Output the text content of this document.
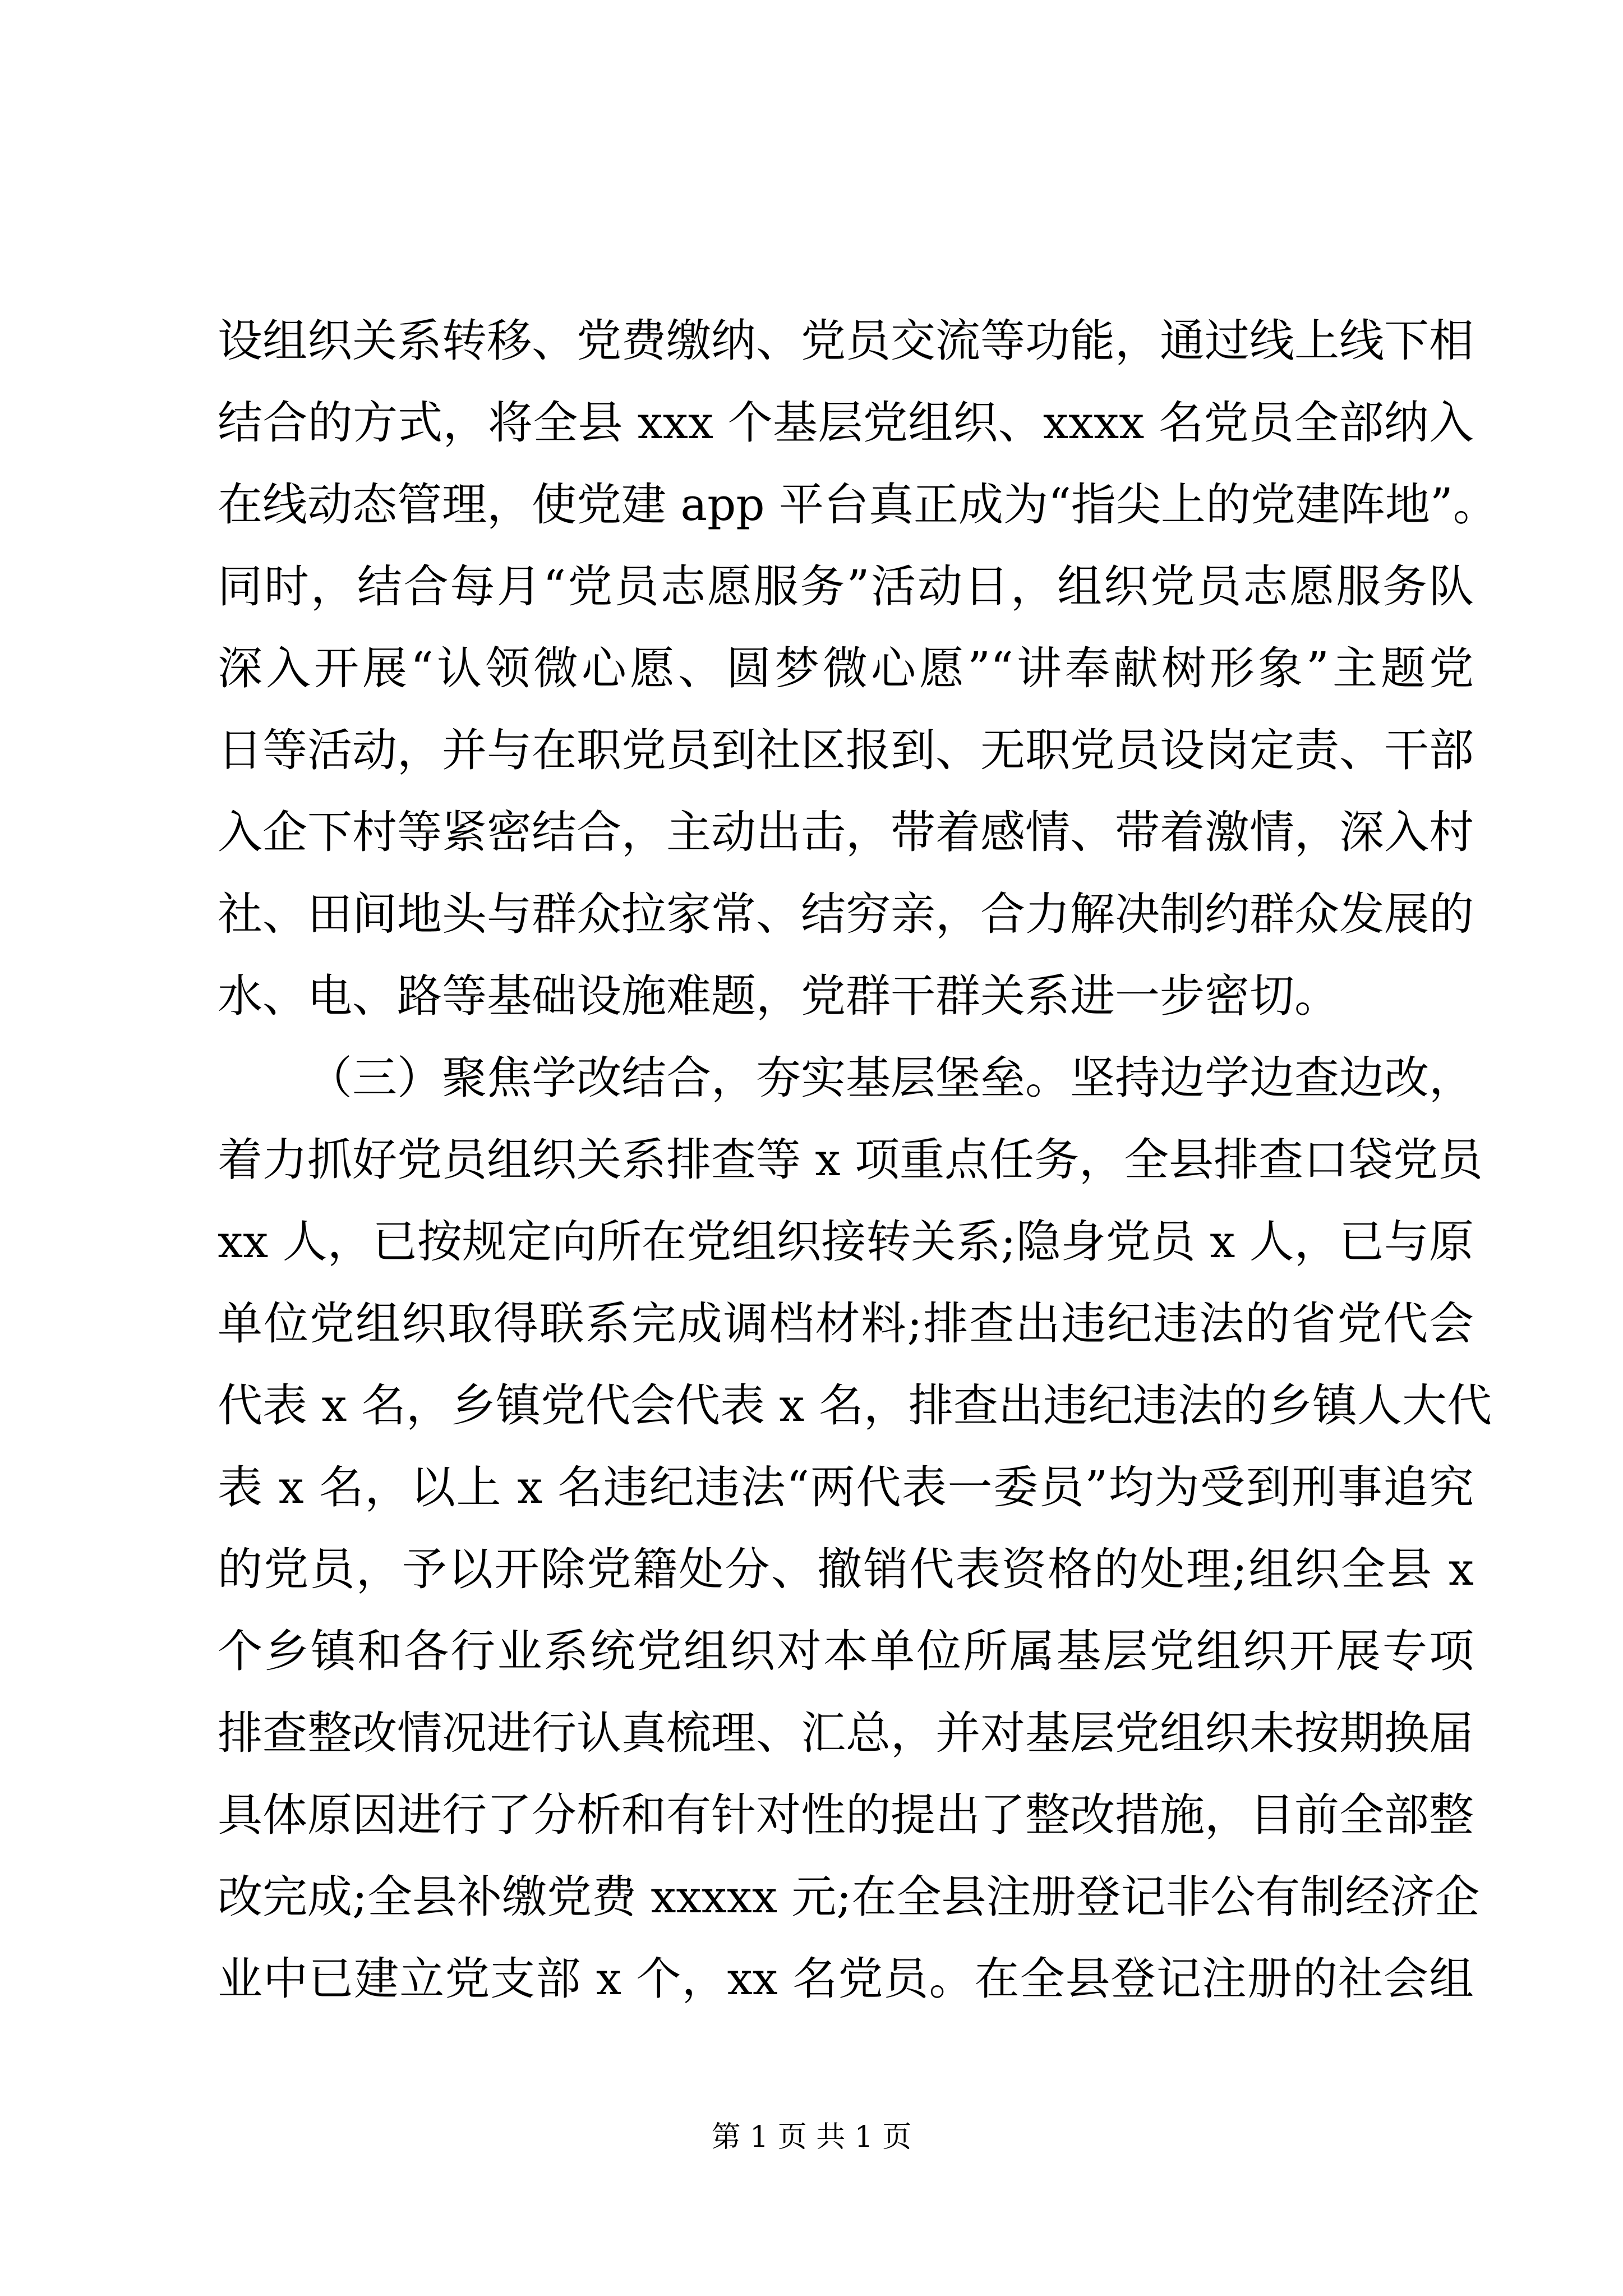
设组织关系转移、党费缴纳、党员交流等功能，通过线上线下相
结合的方式，将全县 xxx 个基层党组织、xxxx 名党员全部纳入
在线动态管理，使党建 app 平台真正成为“指尖上的党建阵地”。
同时，结合每月“党员志愿服务”活动日，组织党员志愿服务队
深入开展“认领微心愿、圆梦微心愿”“讲奉献树形象”主题党
日等活动，并与在职党员到社区报到、无职党员设岗定责、干部
入企下村等紧密结合，主动出击，带着感情、带着激情，深入村
社、田间地头与群众拉家常、结穷亲，合力解决制约群众发展的
水、电、路等基础设施难题，党群干群关系进一步密切。
（三）聚焦学改结合，夯实基层堡垒。坚持边学边查边改，
着力抓好党员组织关系排查等 x 项重点任务，全县排查口袋党员
xx 人，已按规定向所在党组织接转关系;隐身党员 x 人，已与原
单位党组织取得联系完成调档材料;排查出违纪违法的省党代会
代表 x 名，乡镇党代会代表 x 名，排查出违纪违法的乡镇人大代
表 x 名，以上 x 名违纪违法“两代表一委员”均为受到刑事追究
的党员，予以开除党籍处分、撤销代表资格的处理;组织全县 x
个乡镇和各行业系统党组织对本单位所属基层党组织开展专项
排查整改情况进行认真梳理、汇总，并对基层党组织未按期换届
具体原因进行了分析和有针对性的提出了整改措施，目前全部整
改完成;全县补缴党费 xxxxx 元;在全县注册登记非公有制经济企
业中已建立党支部 x 个，xx 名党员。在全县登记注册的社会组
第 1 页 共 1 页
